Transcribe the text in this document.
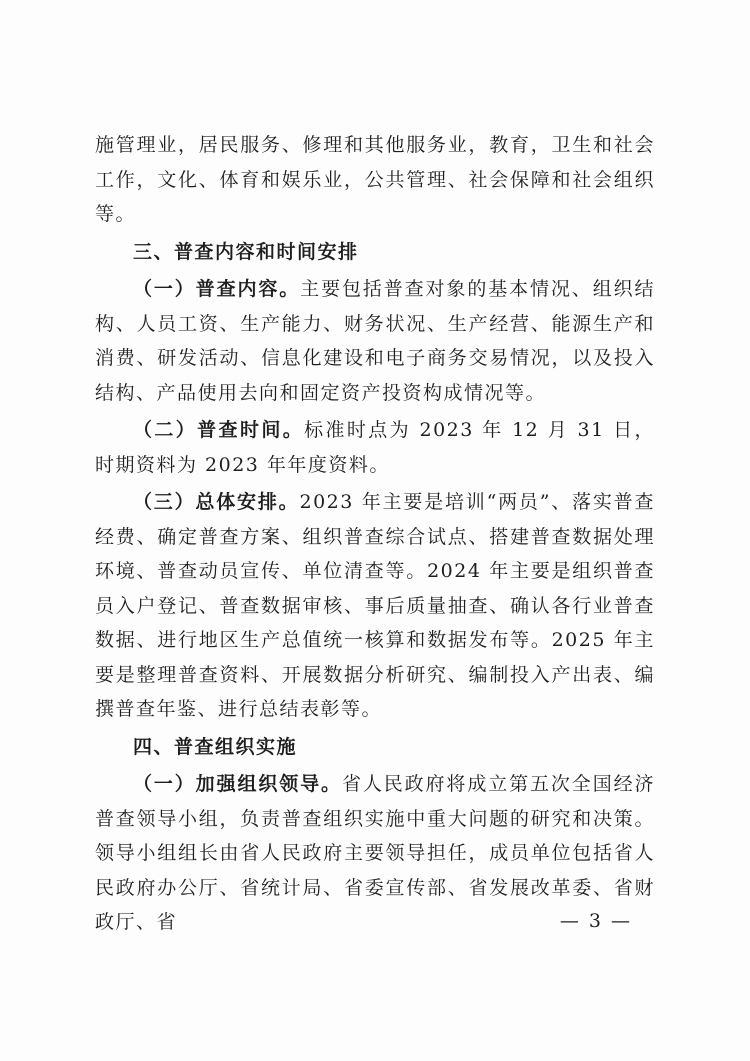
施管理业，居民服务、修理和其他服务业，教育，卫生和社会工作，文化、体育和娱乐业，公共管理、社会保障和社会组织等。

三、普查内容和时间安排

（一）普查内容。主要包括普查对象的基本情况、组织结构、人员工资、生产能力、财务状况、生产经营、能源生产和消费、研发活动、信息化建设和电子商务交易情况，以及投入结构、产品使用去向和固定资产投资构成情况等。

（二）普查时间。标准时点为 2023 年 12 月 31 日，时期资料为 2023 年年度资料。

（三）总体安排。2023 年主要是培训“两员”、落实普查经费、确定普查方案、组织普查综合试点、搭建普查数据处理环境、普查动员宣传、单位清查等。2024 年主要是组织普查员入户登记、普查数据审核、事后质量抽查、确认各行业普查数据、进行地区生产总值统一核算和数据发布等。2025 年主要是整理普查资料、开展数据分析研究、编制投入产出表、编撰普查年鉴、进行总结表彰等。

四、普查组织实施

（一）加强组织领导。省人民政府将成立第五次全国经济普查领导小组，负责普查组织实施中重大问题的研究和决策。领导小组组长由省人民政府主要领导担任，成员单位包括省人民政府办公厅、省统计局、省委宣传部、省发展改革委、省财政厅、省	— 3 —
